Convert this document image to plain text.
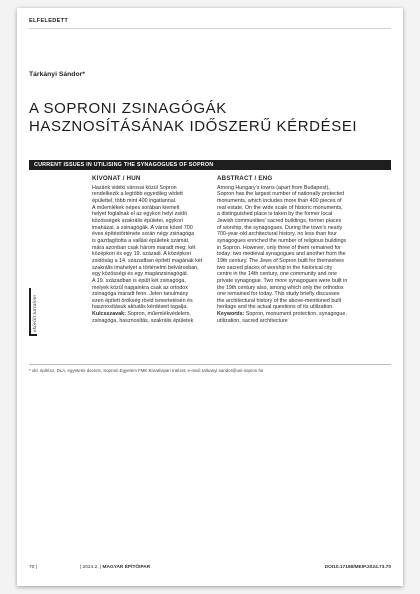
ELFELEDETT
Tárkányi Sándor*
A SOPRONI ZSINAGÓGÁK
HASZNOSÍTÁSÁNAK IDŐSZERŰ KÉRDÉSEI
CURRENT ISSUES IN UTILISING THE SYNAGOGUES OF SOPRON
ekövült tartalom
KIVONAT / HUN
Hazánk vidéki városai közül Sopron
rendelkezik a legtöbb egyedileg védett
épülettel, több mint 400 ingatlannal.
A műemlékek népes sorában kiemelt
helyet foglalnak el az egykori helyi zsidó
közösségek szakrális épületei, egykori
imaházai, a zsinagógák. A város közel 700
éves építéstörténete során négy zsinagóga
is gazdagította a vallási épületek számát,
mára azonban csak három maradt meg: két
középkori és egy 19. századi. A középkori
zsidóság a 14. században épített magának két
szakrális imahelyet a történelmi belvárosban,
egy közösségi és egy magánzsinagógát.
A 19. században is épült két zsinagóga,
melyek közül napjainkra csak az ortodox
zsinagóga maradt fenn. Jelen tanulmány
ezen épített örökség rövid ismertetésén és
hasznosításuk aktuális kérdéseit tagalja.
Kulcsszavak: Sopron, műemlékvédelem,
zsinagóga, hasznosítás, szakrális épületek
ABSTRACT / ENG
Among Hungary’s towns (apart from Budapest),
Sopron has the largest number of nationally protected
monuments, which includes more than 400 pieces of
real estate. On the wide scale of historic monuments,
a distinguished place is taken by the former local
Jewish communities’ sacred buildings, former places
of worship, the synagogues. During the town’s nearly
700-year-old architectural history, no less than four
synagogues enriched the number of religious buildings
in Sopron. However, only three of them remained for
today: two medieval synagogues and another from the
19th century. The Jews of Sopron built for themselves
two sacred places of worship in the historical city
centre in the 14th century, one community and one
private synagogue. Two more synagogues were built in
the 19th century also, among which only the orthodox
one remained for today. This study briefly discusses
the architectural history of the above-mentioned built
heritage and the actual questions of its utilization.
Keywords: Sopron, monument protection, synagogue,
utilization, sacred architecture
* okl. építész, DLA, egyetemi docens, Soproni Egyetem FMK Kreatívipari Intézet, e-mail: tarkanyi.sandor@uni-sopron.hu
70 |	| 2024.2. | MAGYAR ÉPÍTŐIPAR	DOI10.17168/MEIP.2024.73.70
